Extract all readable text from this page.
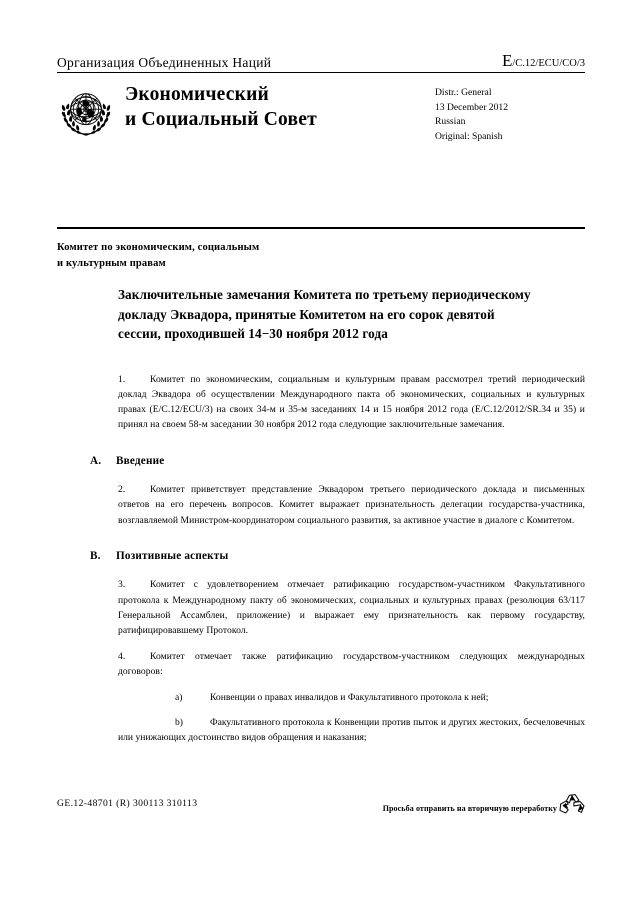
Организация Объединенных Наций	E/C.12/ECU/CO/3
Экономический
и Социальный Совет
Distr.: General
13 December 2012
Russian
Original: Spanish
Комитет по экономическим, социальным
и культурным правам
Заключительные замечания Комитета по третьему периодическому докладу Эквадора, принятые Комитетом на его сорок девятой сессии, проходившей 14−30 ноября 2012 года

1.	Комитет по экономическим, социальным и культурным правам рассмотрел третий периодический доклад Эквадора об осуществлении Международного пакта об экономических, социальных и культурных правах (E/C.12/ECU/3) на своих 34-м и 35-м заседаниях 14 и 15 ноября 2012 года (E/C.12/2012/SR.34 и 35) и принял на своем 58-м заседании 30 ноября 2012 года следующие заключительные замечания.

A. Введение

2.	Комитет приветствует представление Эквадором третьего периодического доклада и письменных ответов на его перечень вопросов. Комитет выражает признательность делегации государства-участника, возглавляемой Министром-координатором социального развития, за активное участие в диалоге с Комитетом.

B. Позитивные аспекты

3.	Комитет с удовлетворением отмечает ратификацию государством-участником Факультативного протокола к Международному пакту об экономических, социальных и культурных правах (резолюция 63/117 Генеральной Ассамблеи, приложение) и выражает ему признательность как первому государству, ратифицировавшему Протокол.

4.	Комитет отмечает также ратификацию государством-участником следующих международных договоров:

a)	Конвенции о правах инвалидов и Факультативного протокола к ней;

b)	Факультативного протокола к Конвенции против пыток и других жестоких, бесчеловечных или унижающих достоинство видов обращения и наказания;

GE.12-48701 (R) 300113 310113	Просьба отправить на вторичную переработку
